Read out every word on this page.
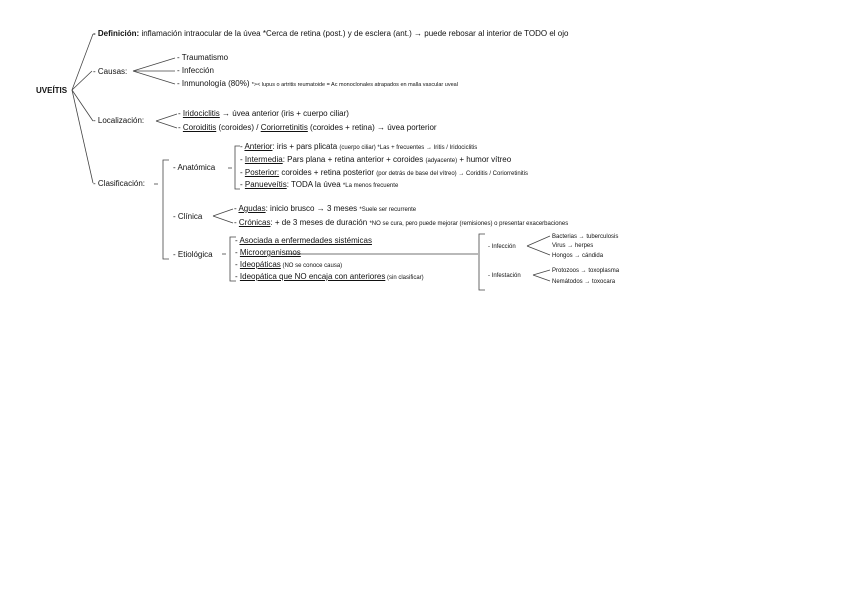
UVEÍTIS
- Definición: inflamación intraocular de la úvea *Cerca de retina (post.) y de esclera (ant.) → puede rebosar al interior de TODO el ojo
- Causas:
- Traumatismo
- Infección
- Inmunología (80%) *>< lupus o artritis reumatoide = Ac monoclonales atrapados en malla vascular uveal
- Localización:
- Iridociclitis → úvea anterior (iris + cuerpo ciliar)
- Coroiditis (coroides) / Coriorretinitis (coroides + retina) → úvea porterior
- Clasificación:
- Anatómica
- Anterior: iris + pars plicata (cuerpo ciliar) *Las + frecuentes → Iritis / Iridociclitis
- Intermedia: Pars plana + retina anterior + coroides (adyacente) + humor vítreo
- Posterior: coroides + retina posterior (por detrás de base del vítreo) → Coriditis / Coriorretinitis
- Panueveítis: TODA la úvea *La menos frecuente
- Clínica
- Agudas: inicio brusco → 3 meses *Suele ser recurrente
- Crónicas: + de 3 meses de duración *NO se cura, pero puede mejorar (remisiones) o presentar exacerbaciones
- Etiológica
- Asociada a enfermedades sistémicas
- Microorganismos
- Ideopáticas (NO se conoce causa)
- Ideopática que NO encaja con anteriores (sin clasificar)
- Infección
Bacterias → tuberculosis
Virus → herpes
Hongos → cándida
- Infestación
Protozoos → toxoplasma
Nemátodos → toxocara
